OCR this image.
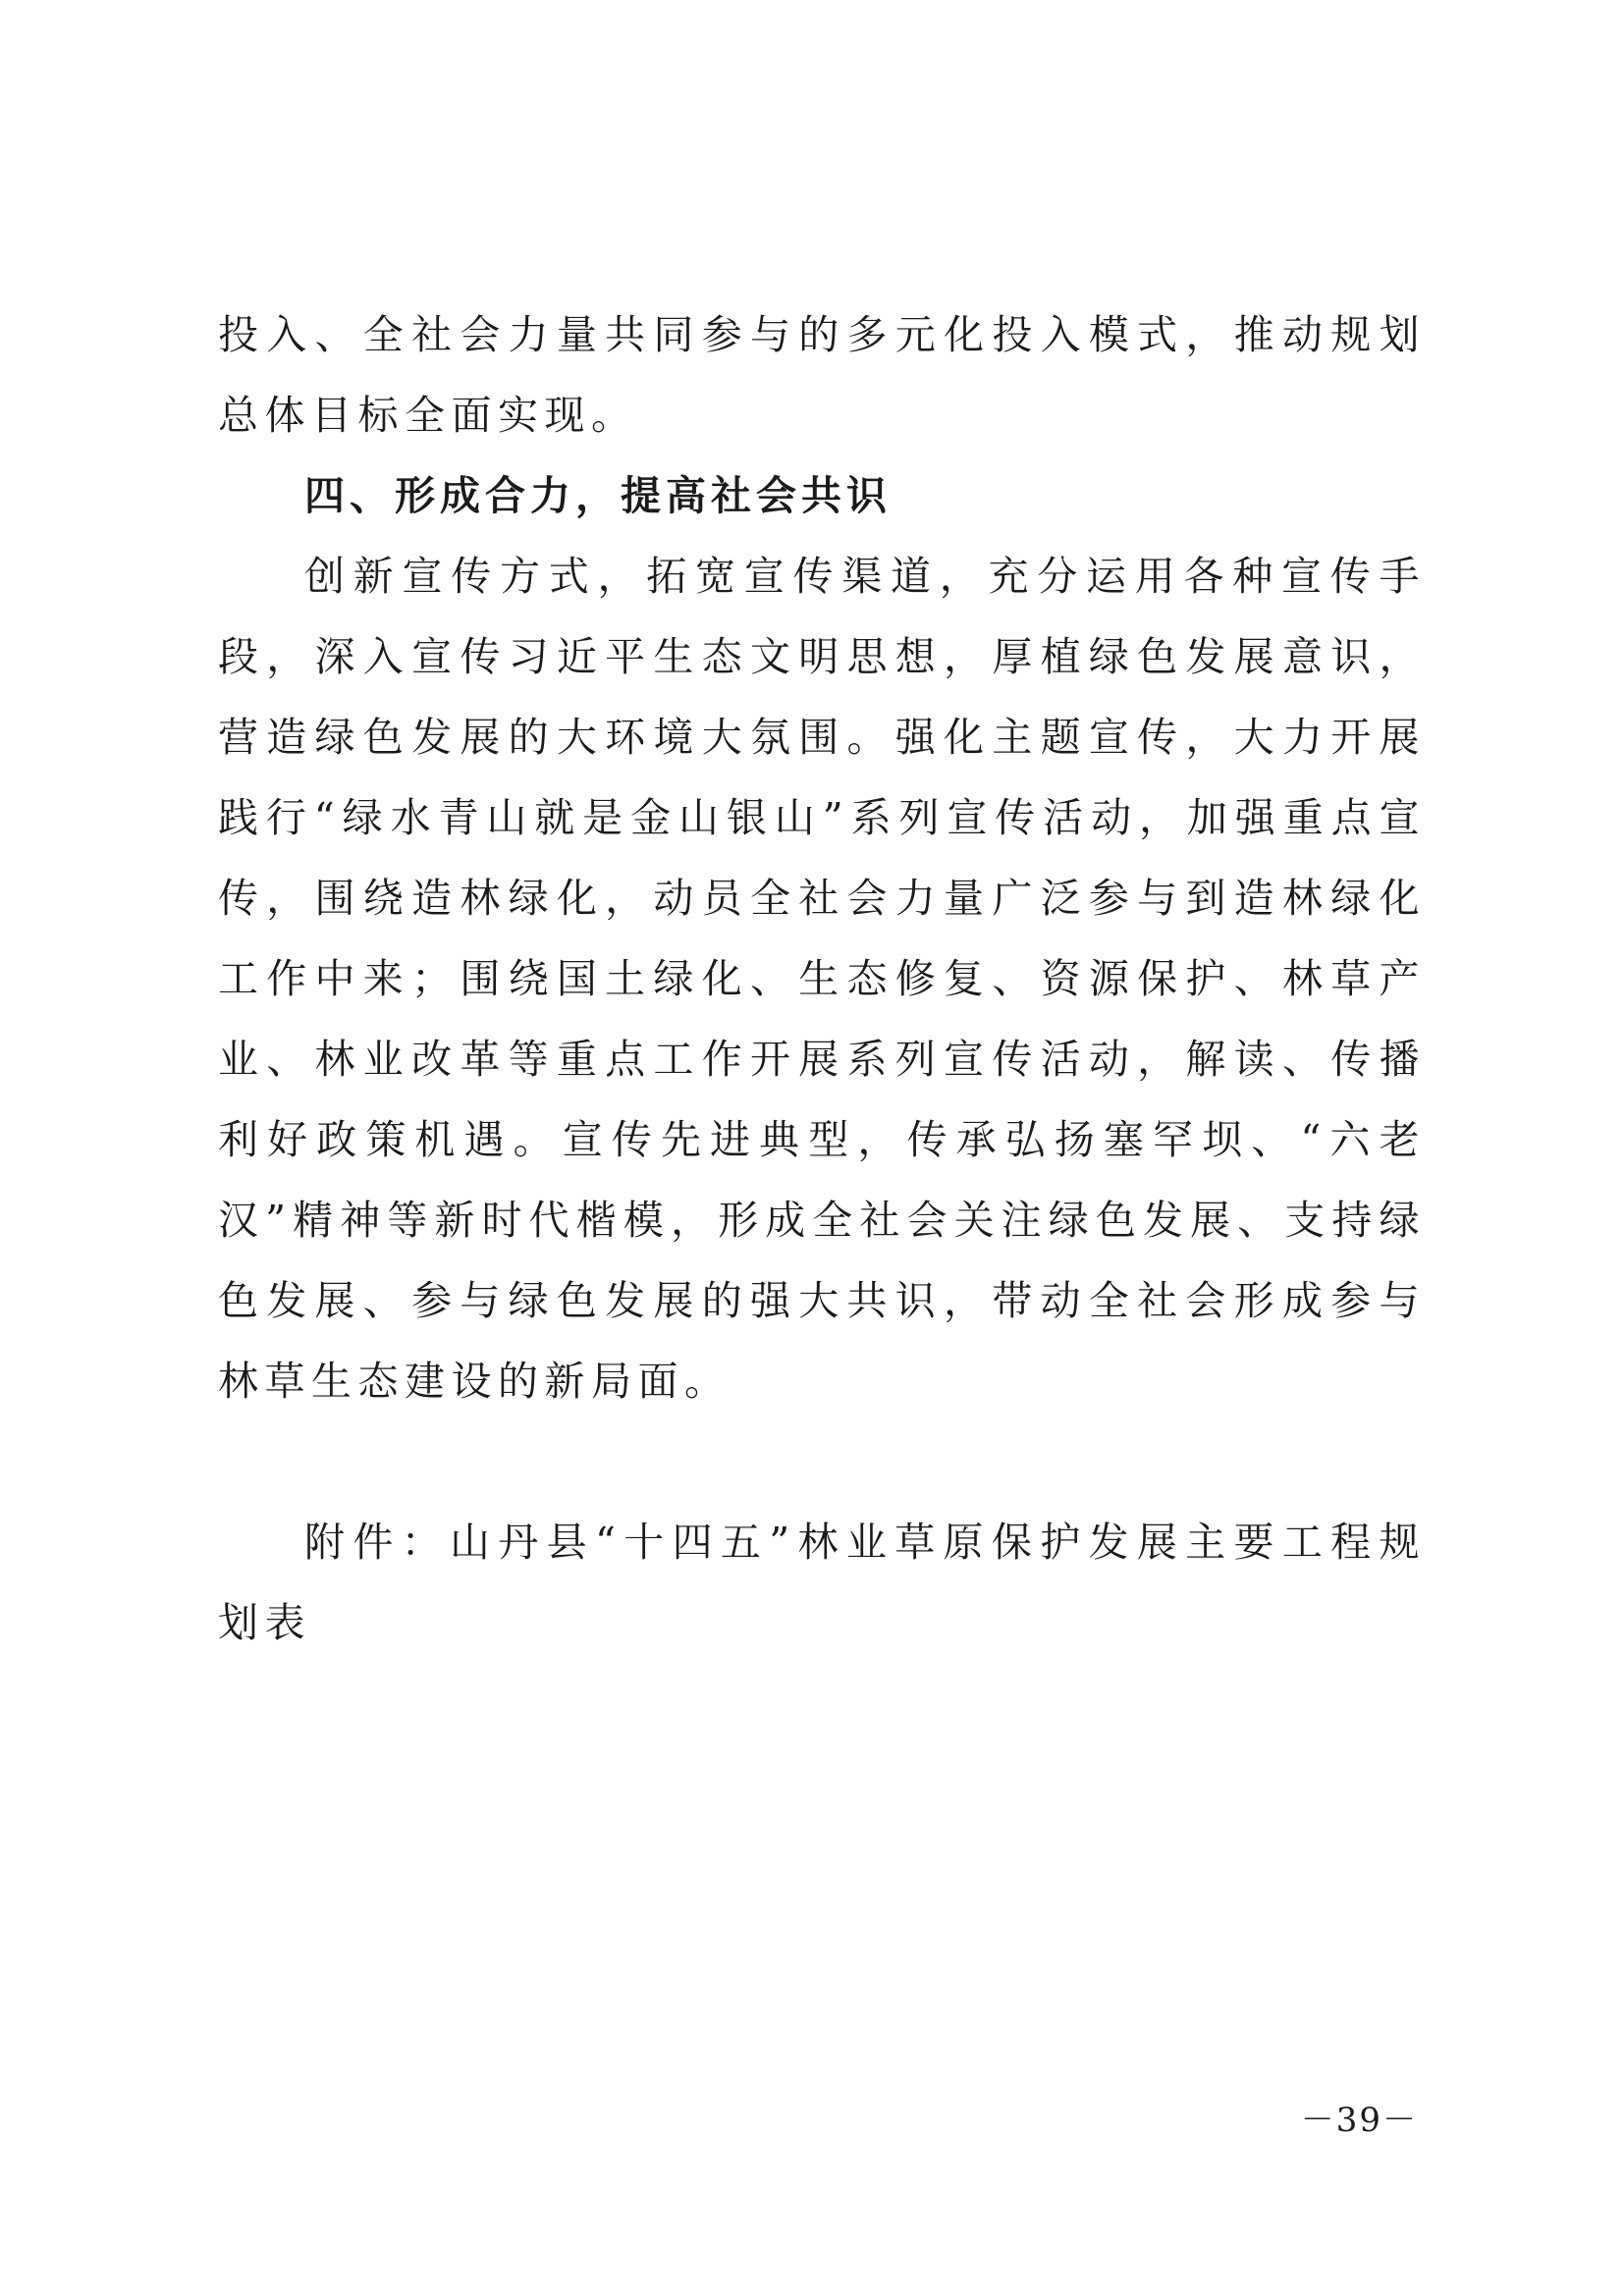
投入、全社会力量共同参与的多元化投入模式，推动规划总体目标全面实现。

四、形成合力，提高社会共识

创新宣传方式，拓宽宣传渠道，充分运用各种宣传手段，深入宣传习近平生态文明思想，厚植绿色发展意识，营造绿色发展的大环境大氛围。强化主题宣传，大力开展践行“绿水青山就是金山银山”系列宣传活动，加强重点宣传，围绕造林绿化，动员全社会力量广泛参与到造林绿化工作中来；围绕国土绿化、生态修复、资源保护、林草产业、林业改革等重点工作开展系列宣传活动，解读、传播利好政策机遇。宣传先进典型，传承弘扬塞罕坝、“六老汉”精神等新时代楷模，形成全社会关注绿色发展、支持绿色发展、参与绿色发展的强大共识，带动全社会形成参与林草生态建设的新局面。

附件：山丹县“十四五”林业草原保护发展主要工程规划表

－39－
